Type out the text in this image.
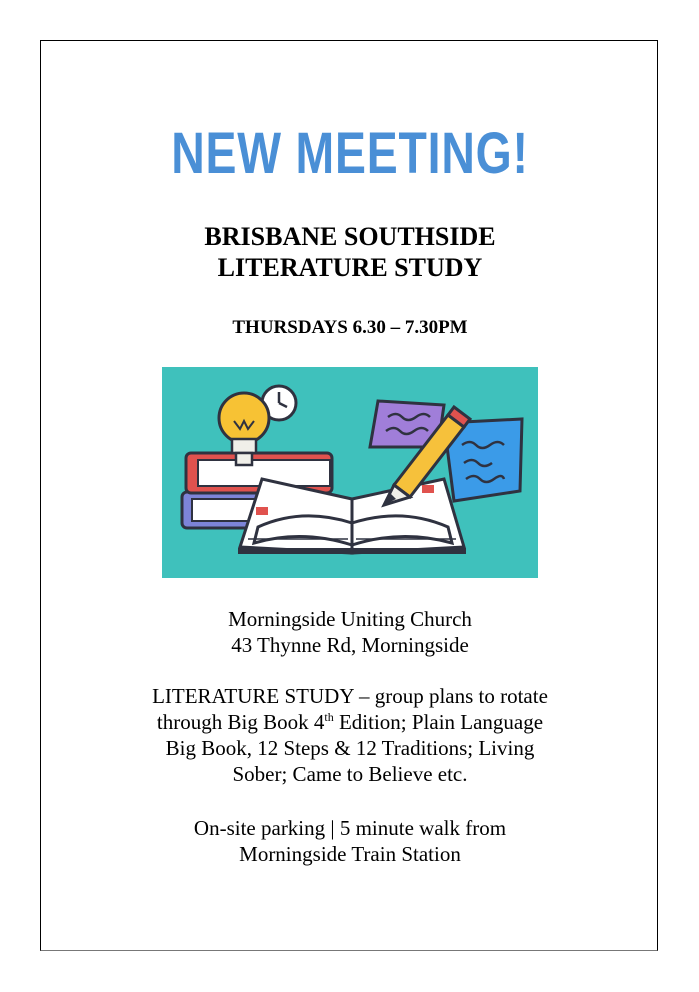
NEW MEETING!
BRISBANE SOUTHSIDE
LITERATURE STUDY
THURSDAYS 6.30 – 7.30PM
Morningside Uniting Church
43 Thynne Rd, Morningside
LITERATURE STUDY – group plans to rotate
through Big Book 4th Edition; Plain Language
Big Book, 12 Steps & 12 Traditions; Living
Sober; Came to Believe etc.
On-site parking | 5 minute walk from
Morningside Train Station
